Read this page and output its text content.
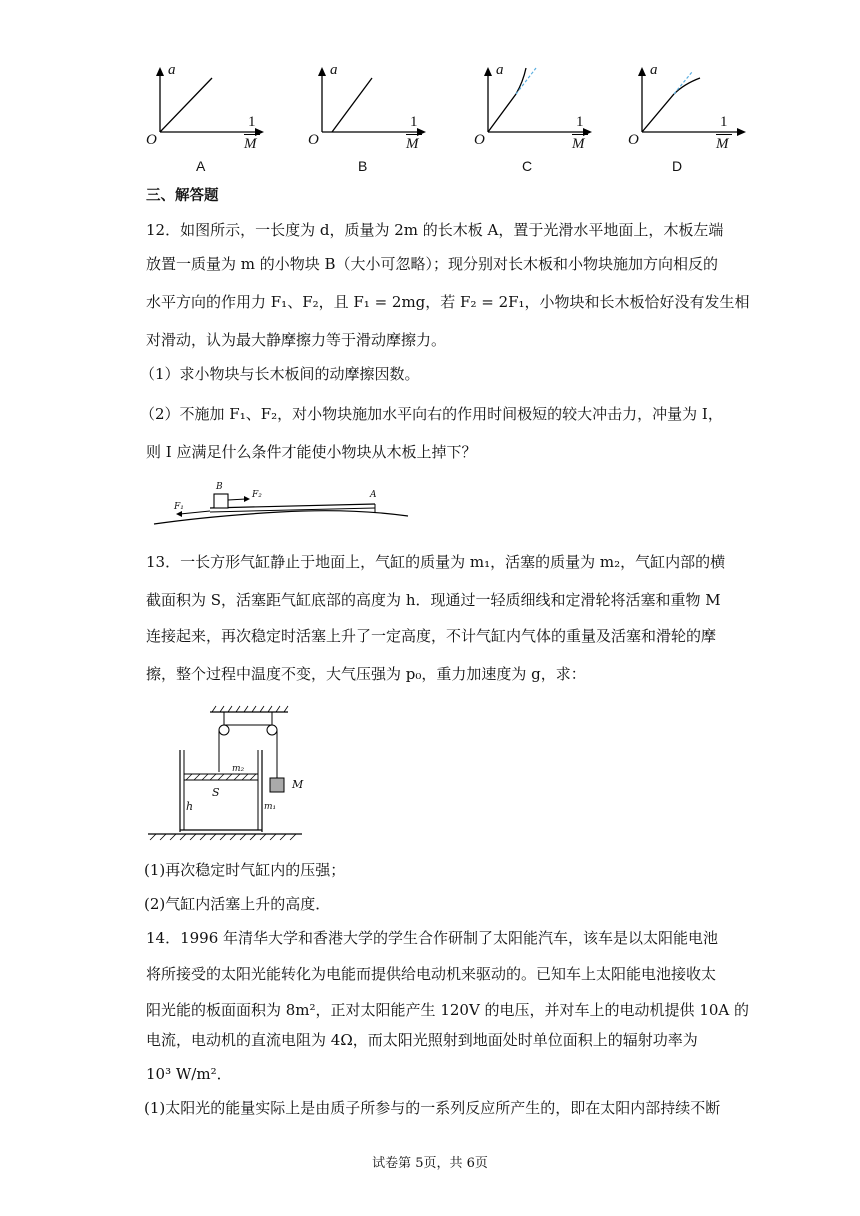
a
O
1
M
A
a
O
1
M
B
a
O
1
M
C
a
O
1
M
D
三、解答题
12．如图所示，一长度为 d，质量为 2m 的长木板 A，置于光滑水平地面上，木板左端
放置一质量为 m 的小物块 B（大小可忽略）；现分别对长木板和小物块施加方向相反的
水平方向的作用力 F₁、F₂，且 F₁ = 2mg，若 F₂ = 2F₁，小物块和长木板恰好没有发生相
对滑动，认为最大静摩擦力等于滑动摩擦力。
（1）求小物块与长木板间的动摩擦因数。
（2）不施加 F₁、F₂，对小物块施加水平向右的作用时间极短的较大冲击力，冲量为 I，
则 I 应满足什么条件才能使小物块从木板上掉下？
B
F₂	A
F₁
13．一长方形气缸静止于地面上，气缸的质量为 m₁，活塞的质量为 m₂，气缸内部的横
截面积为 S，活塞距气缸底部的高度为 h．现通过一轻质细线和定滑轮将活塞和重物 M
连接起来，再次稳定时活塞上升了一定高度，不计气缸内气体的重量及活塞和滑轮的摩
擦，整个过程中温度不变，大气压强为 p₀，重力加速度为 g，求：
m₂
M
S
h	m₁
(1)再次稳定时气缸内的压强；
(2)气缸内活塞上升的高度．
14．1996 年清华大学和香港大学的学生合作研制了太阳能汽车，该车是以太阳能电池
将所接受的太阳光能转化为电能而提供给电动机来驱动的。已知车上太阳能电池接收太
阳光能的板面面积为 8m²，正对太阳能产生 120V 的电压，并对车上的电动机提供 10A 的
电流，电动机的直流电阻为 4Ω，而太阳光照射到地面处时单位面积上的辐射功率为
10³ W/m²．
(1)太阳光的能量实际上是由质子所参与的一系列反应所产生的，即在太阳内部持续不断
试卷第 5页，共 6页
